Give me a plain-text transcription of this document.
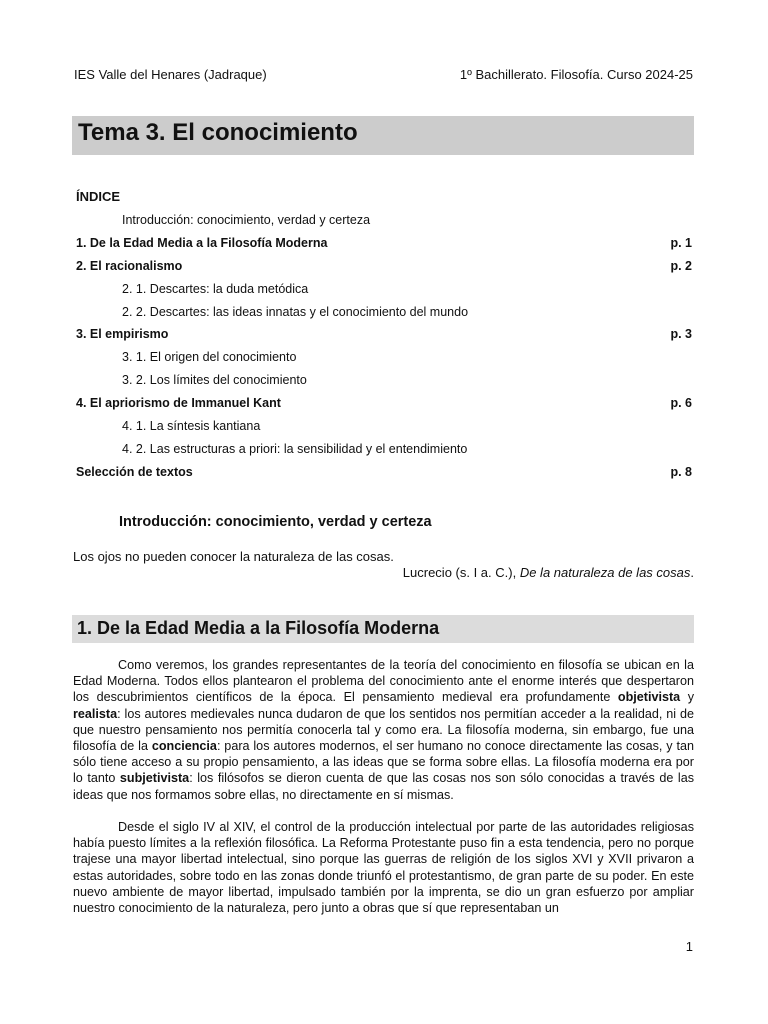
IES Valle del Henares (Jadraque)	1º Bachillerato. Filosofía. Curso 2024-25
Tema 3. El conocimiento
ÍNDICE
Introducción: conocimiento, verdad y certeza
1. De la Edad Media a la Filosofía Moderna	p. 1
2. El racionalismo	p. 2
2. 1. Descartes: la duda metódica
2. 2. Descartes: las ideas innatas y el conocimiento del mundo
3. El empirismo	p. 3
3. 1. El origen del conocimiento
3. 2. Los límites del conocimiento
4. El apriorismo de Immanuel Kant	p. 6
4. 1. La síntesis kantiana
4. 2. Las estructuras a priori: la sensibilidad y el entendimiento
Selección de textos	p. 8
Introducción: conocimiento, verdad y certeza
Los ojos no pueden conocer la naturaleza de las cosas.
Lucrecio (s. I a. C.), De la naturaleza de las cosas.
1. De la Edad Media a la Filosofía Moderna
Como veremos, los grandes representantes de la teoría del conocimiento en filosofía se ubican en la Edad Moderna. Todos ellos plantearon el problema del conocimiento ante el enorme interés que despertaron los descubrimientos científicos de la época. El pensamiento medieval era profundamente objetivista y realista: los autores medievales nunca dudaron de que los sentidos nos permitían acceder a la realidad, ni de que nuestro pensamiento nos permitía conocerla tal y como era. La filosofía moderna, sin embargo, fue una filosofía de la conciencia: para los autores modernos, el ser humano no conoce directamente las cosas, y tan sólo tiene acceso a su propio pensamiento, a las ideas que se forma sobre ellas. La filosofía moderna era por lo tanto subjetivista: los filósofos se dieron cuenta de que las cosas nos son sólo conocidas a través de las ideas que nos formamos sobre ellas, no directamente en sí mismas.
Desde el siglo IV al XIV, el control de la producción intelectual por parte de las autoridades religiosas había puesto límites a la reflexión filosófica. La Reforma Protestante puso fin a esta tendencia, pero no porque trajese una mayor libertad intelectual, sino porque las guerras de religión de los siglos XVI y XVII privaron a estas autoridades, sobre todo en las zonas donde triunfó el protestantismo, de gran parte de su poder. En este nuevo ambiente de mayor libertad, impulsado también por la imprenta, se dio un gran esfuerzo por ampliar nuestro conocimiento de la naturaleza, pero junto a obras que sí que representaban un
1
